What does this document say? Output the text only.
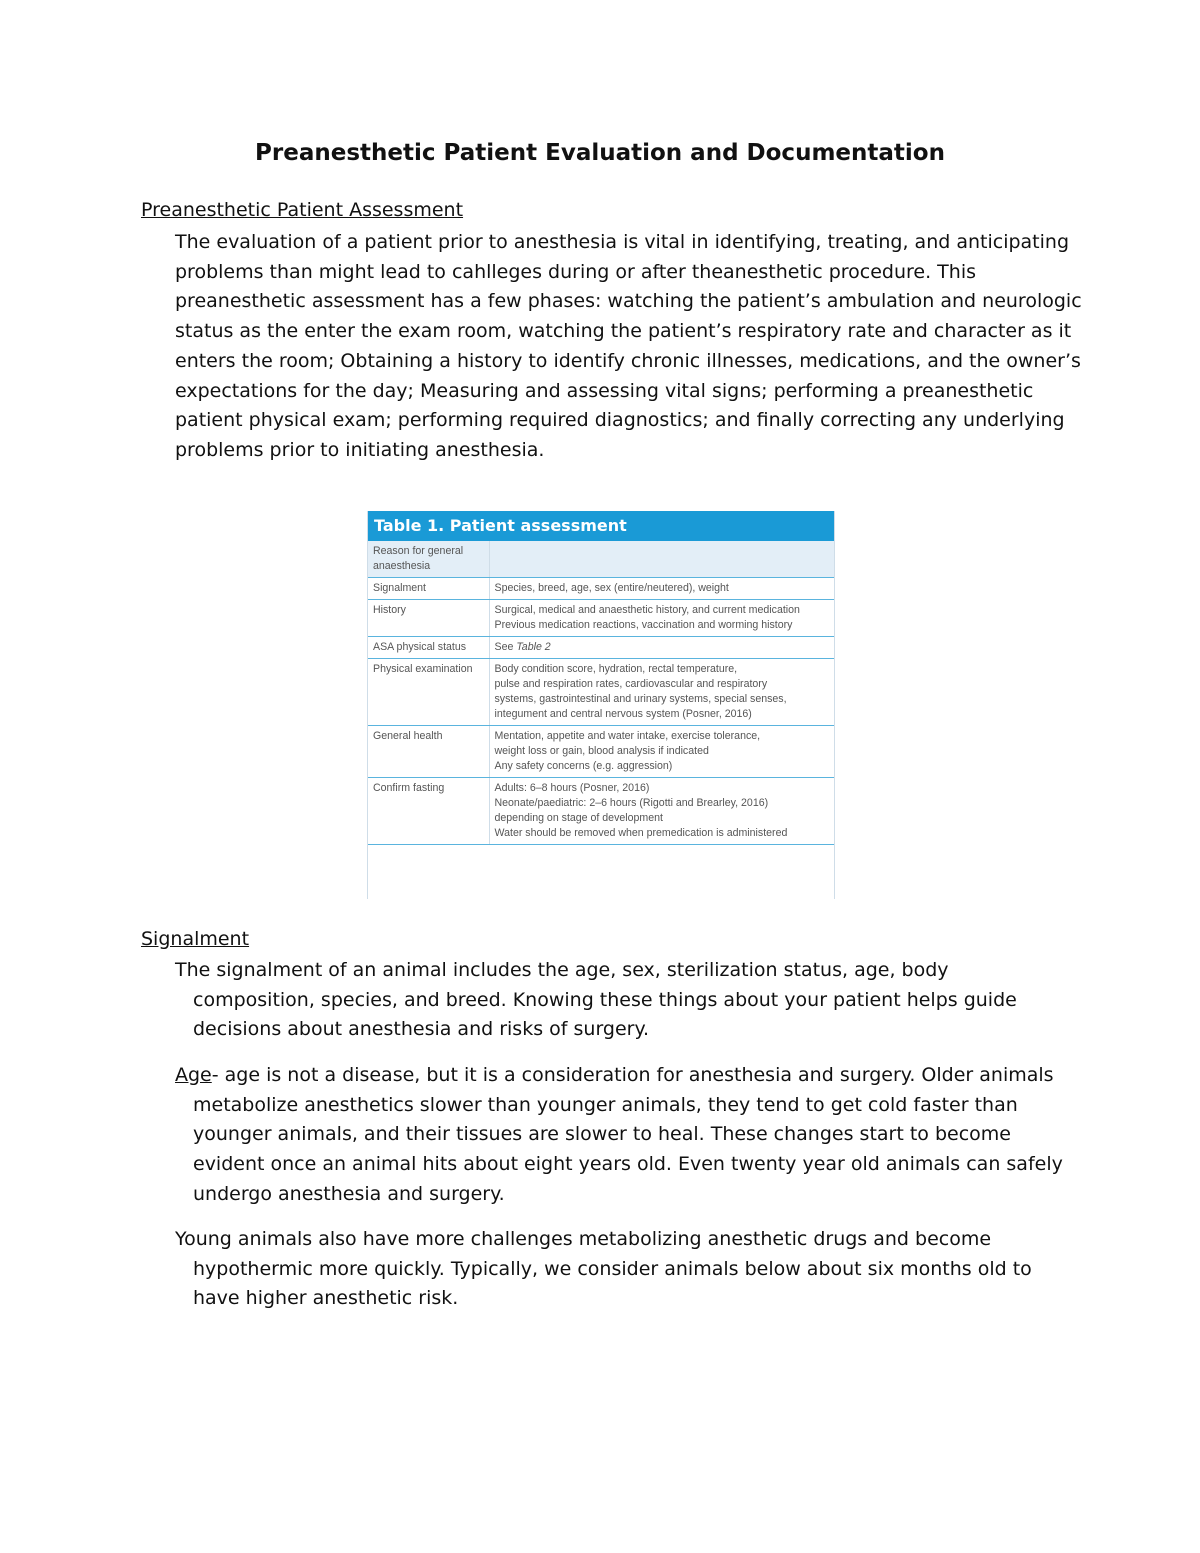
Preanesthetic Patient Evaluation and Documentation
Preanesthetic Patient Assessment

The evaluation of a patient prior to anesthesia is vital in identifying, treating, and anticipating problems than might lead to cahlleges during or after theanesthetic procedure. This preanesthetic assessment has a few phases: watching the patient’s ambulation and neurologic status as the enter the exam room, watching the patient’s respiratory rate and character as it enters the room; Obtaining a history to identify chronic illnesses, medications, and the owner’s expectations for the day; Measuring and assessing vital signs; performing a preanesthetic patient physical exam; performing required diagnostics; and finally correcting any underlying problems prior to initiating anesthesia.

Table 1. Patient assessment
Reason for general anaesthesia	
Signalment	Species, breed, age, sex (entire/neutered), weight

History	Surgical, medical and anaesthetic history, and current medication
Previous medication reactions, vaccination and worming history

ASA physical status	See Table 2

Physical examination	Body condition score, hydration, rectal temperature,
pulse and respiration rates, cardiovascular and respiratory
systems, gastrointestinal and urinary systems, special senses,
integument and central nervous system (Posner, 2016)

General health	Mentation, appetite and water intake, exercise tolerance,
weight loss or gain, blood analysis if indicated
Any safety concerns (e.g. aggression)

Confirm fasting	Adults: 6–8 hours (Posner, 2016)
Neonate/paediatric: 2–6 hours (Rigotti and Brearley, 2016)
depending on stage of development
Water should be removed when premedication is administered
Signalment

The signalment of an animal includes the age, sex, sterilization status, age, body composition, species, and breed. Knowing these things about your patient helps guide decisions about anesthesia and risks of surgery.

Age- age is not a disease, but it is a consideration for anesthesia and surgery. Older animals metabolize anesthetics slower than younger animals, they tend to get cold faster than younger animals, and their tissues are slower to heal. These changes start to become evident once an animal hits about eight years old. Even twenty year old animals can safely undergo anesthesia and surgery.

Young animals also have more challenges metabolizing anesthetic drugs and become hypothermic more quickly. Typically, we consider animals below about six months old to have higher anesthetic risk.
